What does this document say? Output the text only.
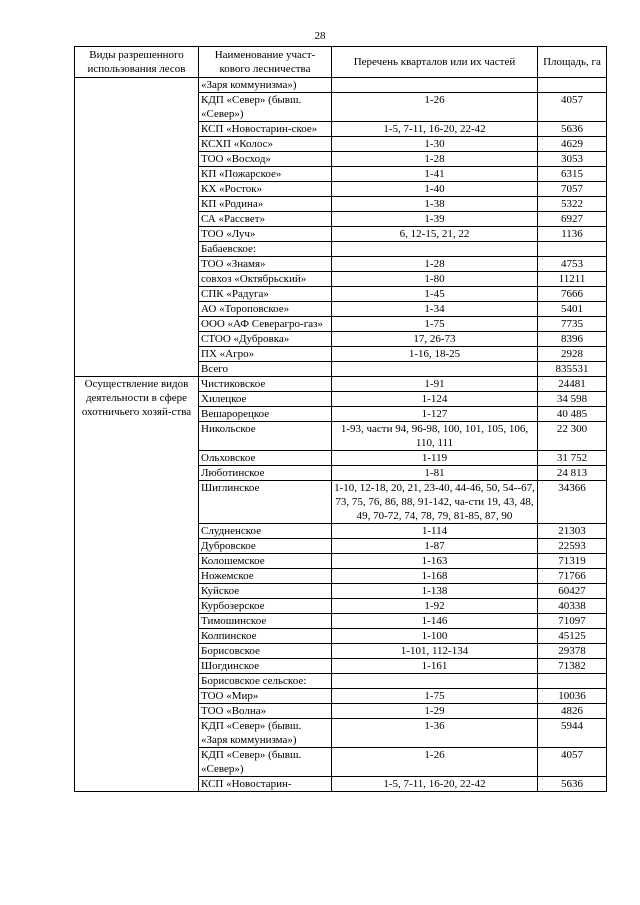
28
Виды разрешенного использования лесов	Наименование участ-кового лесничества	Перечень кварталов или их частей	Площадь, га
	«Заря коммунизма»)		
	КДП «Север» (бывш. «Север»)	1-26	4057
	КСП «Новостарин-ское»	1-5, 7-11, 16-20, 22-42	5636
	КСХП «Колос»	1-30	4629
	ТОО «Восход»	1-28	3053
	КП «Пожарское»	1-41	6315
	КХ «Росток»	1-40	7057
	КП «Родина»	1-38	5322
	СА «Рассвет»	1-39	6927
	ТОО «Луч»	6, 12-15, 21, 22	1136
	Бабаевское:		
	ТОО «Знамя»	1-28	4753
	совхоз «Октябрьский»	1-80	11211
	СПК «Радуга»	1-45	7666
	АО «Тороповское»	1-34	5401
	ООО «АФ Северагро-газ»	1-75	7735
	СТОО «Дубровка»	17, 26-73	8396
	ПХ «Агро»	1-16, 18-25	2928
	Всего		835531
Осуществление видов деятельности в сфере охотничьего хозяй-ства	Чистиковское	1-91	24481
	Хилецкое	1-124	34 598
	Вешарорецкое	1-127	40 485
	Никольское	1-93, части 94, 96-98, 100, 101, 105, 106, 110, 111	22 300
	Ольховское	1-119	31 752
	Люботинское	1-81	24 813
	Шиглинское	1-10, 12-18, 20, 21, 23-40, 44-46, 50, 54--67, 73, 75, 76, 86, 88, 91-142, ча-сти 19, 43, 48, 49, 70-72, 74, 78, 79, 81-85, 87, 90	34366
	Слудненское	1-114	21303
	Дубровское	1-87	22593
	Колошемское	1-163	71319
	Ножемское	1-168	71766
	Куйское	1-138	60427
	Курбозерское	1-92	40338
	Тимошинское	1-146	71097
	Колпинское	1-100	45125
	Борисовское	1-101, 112-134	29378
	Шогдинское	1-161	71382
	Борисовское сельское:		
	ТОО «Мир»	1-75	10036
	ТОО «Волна»	1-29	4826
	КДП «Север» (бывш. «Заря коммунизма»)	1-36	5944
	КДП «Север» (бывш. «Север»)	1-26	4057
	КСП «Новостарин-	1-5, 7-11, 16-20, 22-42	5636
